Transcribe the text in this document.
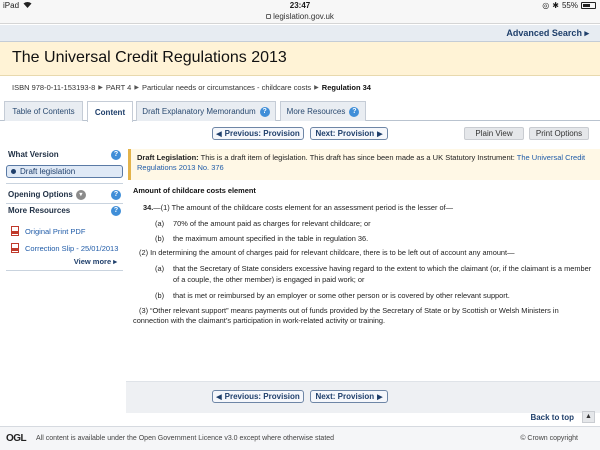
iPad	23:47	◎ ✱ 55%
legislation.gov.uk
Advanced Search ▸
The Universal Credit Regulations 2013
ISBN 978-0-11-153193-8 ▶ PART 4 ▶ Particular needs or circumstances - childcare costs ▶ Regulation 34
Table of Contents	Content Draft Explanatory Memorandum ?	More Resources ?
◀ Previous: Provision Next: Provision ▶	Plain View	Print Options
What Version	?
Draft legislation
Opening Options ▾	?
More Resources	?
Original Print PDF
Correction Slip - 25/01/2013
View more ▸
Draft Legislation: This is a draft item of legislation. This draft has since been made as a UK Statutory Instrument: The Universal Credit Regulations 2013 No. 376
Amount of childcare costs element
34.—(1) The amount of the childcare costs element for an assessment period is the lesser of—
(a) 70% of the amount paid as charges for relevant childcare; or
(b) the maximum amount specified in the table in regulation 36.
(2) In determining the amount of charges paid for relevant childcare, there is to be left out of account any amount—
(a) that the Secretary of State considers excessive having regard to the extent to which the claimant (or, if the claimant is a member
of a couple, the other member) is engaged in paid work; or
(b) that is met or reimbursed by an employer or some other person or is covered by other relevant support.
(3) “Other relevant support” means payments out of funds provided by the Secretary of State or by Scottish or Welsh Ministers in
connection with the claimant’s participation in work-related activity or training.
◀ Previous: Provision Next: Provision ▶
Back to top	▲
OGL All content is available under the Open Government Licence v3.0 except where otherwise stated	© Crown copyright
